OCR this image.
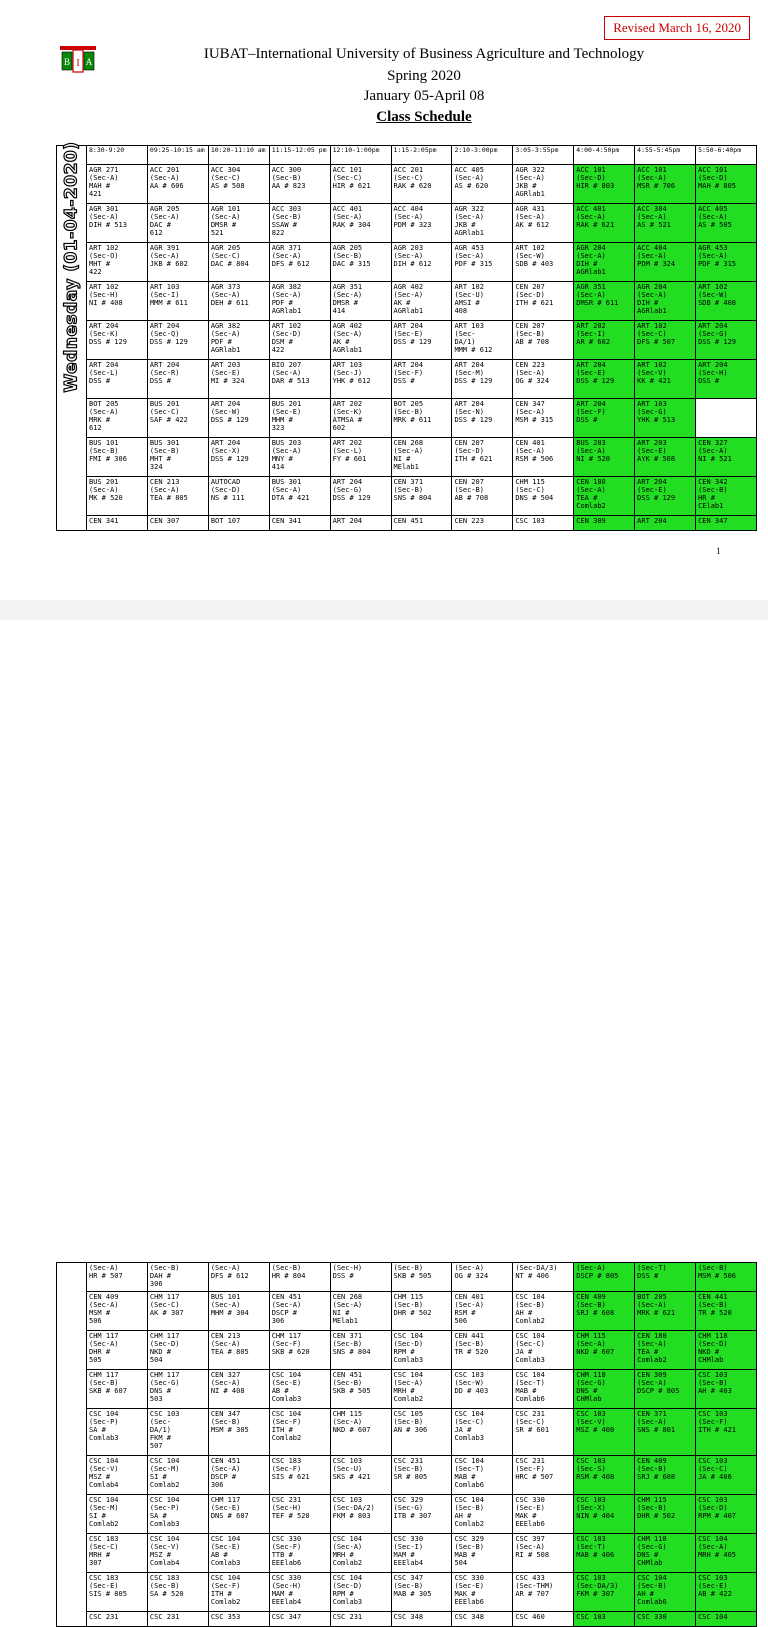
Revised March 16, 2020
B I A	IUBAT–International University of Business Agriculture and Technology
Spring 2020
January 05-April 08
Class Schedule
	8:30-9:20	09:25-10:15 am	10:20-11:10 am	11:15-12:05 pm	12:10-1:00pm	1:15-2:05pm	2:10-3:00pm	3:05-3:55pm	4:00-4:50pm	4:55-5:45pm	5:50-6:40pm
	AGR 271
(Sec-A)
MAH #
421	ACC 201
(Sec-A)
AA # 606	ACC 304
(Sec-C)
AS # 508	ACC 300
(Sec-B)
AA # 823	ACC 101
(Sec-C)
HIR # 621	ACC 201
(Sec-C)
RAK # 620	ACC 405
(Sec-A)
AS # 620	AGR 322
(Sec-A)
JKB #
AGRlab1	ACC 101
(Sec-D)
HIR # 803	ACC 101
(Sec-A)
MSR # 706	ACC 101
(Sec-D)
MAH # 805
	AGR 301
(Sec-A)
DIH # 513	AGR 205
(Sec-A)
DAC #
612	AGR 101
(Sec-A)
DMSR #
521	ACC 303
(Sec-B)
SSAW #
822	ACC 401
(Sec-A)
RAK # 304	ACC 404
(Sec-A)
PDM # 323	AGR 322
(Sec-A)
JKB #
AGRlab1	AGR 431
(Sec-A)
AK # 612	ACC 401
(Sec-A)
RAK # 621	ACC 304
(Sec-A)
AS # 521	ACC 405
(Sec-A)
AS # 505
	ART 102
(Sec-O)
MHT #
422	AGR 391
(Sec-A)
JKB # 602	AGR 205
(Sec-C)
DAC # 804	AGR 371
(Sec-A)
DFS # 612	AGR 205
(Sec-B)
DAC # 315	AGR 203
(Sec-A)
DIH # 612	AGR 453
(Sec-A)
PDF # 315	ART 102
(Sec-W)
SDB # 403	AGR 204
(Sec-A)
DIH #
AGRlab1	ACC 404
(Sec-A)
PDM # 324	AGR 453
(Sec-A)
PDF # 315
	ART 102
(Sec-H)
NI # 408	ART 103
(Sec-I)
MMM # 611	AGR 373
(Sec-A)
DEH # 611	AGR 382
(Sec-A)
PDF #
AGRlab1	AGR 351
(Sec-A)
DMSR #
414	AGR 402
(Sec-A)
AK #
AGRlab1	ART 102
(Sec-U)
AMSI #
408	CEN 207
(Sec-D)
ITH # 621	AGR 351
(Sec-A)
DMSR # 611	AGR 204
(Sec-A)
DIH #
AGRlab1	ART 102
(Sec-W)
SDB # 408
	ART 204
(Sec-K)
DSS # 129	ART 204
(Sec-Q)
DSS # 129	AGR 382
(Sec-A)
PDF #
AGRlab1	ART 102
(Sec-D)
DSM #
422	AGR 402
(Sec-A)
AK #
AGRlab1	ART 204
(Sec-E)
DSS # 129	ART 103
(Sec-
DA/1)
MMM # 612	CEN 207
(Sec-B)
AB # 708	ART 202
(Sec-I)
AR # 602	ART 102
(Sec-C)
DFS # 507	ART 204
(Sec-G)
DSS # 129
	ART 204
(Sec-L)
DSS #	ART 204
(Sec-R)
DSS #	ART 203
(Sec-E)
MI # 324	BIO 207
(Sec-A)
DAR # 513	ART 103
(Sec-J)
YHK # 612	ART 204
(Sec-F)
DSS #	ART 204
(Sec-M)
DSS # 129	CEN 223
(Sec-A)
OG # 324	ART 204
(Sec-E)
DSS # 129	ART 102
(Sec-V)
KK # 421	ART 204
(Sec-H)
DSS #
	BOT 205
(Sec-A)
MRK #
612	BUS 201
(Sec-C)
SAF # 422	ART 204
(Sec-W)
DSS # 129	BUS 201
(Sec-E)
MHM #
323	ART 202
(Sec-K)
ATMSA #
602	BOT 205
(Sec-B)
MRK # 611	ART 204
(Sec-N)
DSS # 129	CEN 347
(Sec-A)
MSM # 315	ART 204
(Sec-F)
DSS #	ART 103
(Sec-G)
YHK # 513	
	BUS 101
(Sec-B)
FMI # 306	BUS 301
(Sec-B)
MHT #
324	ART 204
(Sec-X)
DSS # 129	BUS 203
(Sec-A)
MNY #
414	ART 202
(Sec-L)
FY # 601	CEN 268
(Sec-A)
NI #
MElab1	CEN 207
(Sec-D)
ITH # 621	CEN 401
(Sec-A)
RSM # 506	BUS 203
(Sec-A)
NI # 520	ART 203
(Sec-E)
AYK # 508	CEN 327
(Sec-A)
NI # 521
	BUS 201
(Sec-A)
MK # 520	CEN 213
(Sec-A)
TEA # 805	AUTOCAD
(Sec-D)
NS # 111	BUS 301
(Sec-A)
DTA # 421	ART 204
(Sec-G)
DSS # 129	CEN 371
(Sec-B)
SNS # 804	CEN 207
(Sec-B)
AB # 708	CHM 115
(Sec-C)
DNS # 504	CEN 180
(Sec-A)
TEA #
Comlab2	ART 204
(Sec-E)
DSS # 129	CEN 342
(Sec-B)
HR #
CElab1
	CEN 341	CEN 307	BOT 107	CEN 341	ART 204	CEN 451	CEN 223	CSC 103	CEN 309	ART 204	CEN 347
Wednesday (01-04-2020)
1
	(Sec-A)
HR # 507	(Sec-B)
DAH #
306	(Sec-A)
DFS # 612	(Sec-B)
HR # 804	(Sec-H)
DSS #	(Sec-B)
SKB # 505	(Sec-A)
OG # 324	(Sec-DA/3)
NT # 406	(Sec-A)
DSCP # 805	(Sec-T)
DSS #	(Sec-B)
MSM # 506
	CEN 409
(Sec-A)
MSM #
506	CHM 117
(Sec-C)
AK # 307	BUS 101
(Sec-A)
MHM # 304	CEN 451
(Sec-A)
DSCP #
306	CEN 268
(Sec-A)
NI #
MElab1	CHM 115
(Sec-B)
DHR # 502	CEN 401
(Sec-A)
RSM #
506	CSC 104
(Sec-B)
AH #
Comlab2	CEN 409
(Sec-B)
SRJ # 608	BOT 205
(Sec-A)
MRK # 621	CEN 441
(Sec-B)
TR # 520
	CHM 117
(Sec-A)
DHR #
505	CHM 117
(Sec-D)
NKD #
504	CEN 213
(Sec-A)
TEA # 805	CHM 117
(Sec-F)
SKB # 620	CEN 371
(Sec-B)
SNS # 804	CSC 104
(Sec-D)
RPM #
Comlab3	CEN 441
(Sec-B)
TR # 520	CSC 104
(Sec-C)
JA #
Comlab3	CHM 115
(Sec-A)
NKD # 607	CEN 180
(Sec-A)
TEA #
Comlab2	CHM 118
(Sec-D)
NKD #
CHMlab
	CHM 117
(Sec-B)
SKB # 607	CHM 117
(Sec-G)
DNS #
503	CEN 327
(Sec-A)
NI # 408	CSC 104
(Sec-E)
AB #
Comlab3	CEN 451
(Sec-B)
SKB # 505	CSC 104
(Sec-A)
MRH #
Comlab2	CSC 103
(Sec-W)
DD # 403	CSC 104
(Sec-T)
MAB #
Comlab6	CHM 118
(Sec-G)
DNS #
CHMlab	CEN 309
(Sec-A)
DSCP # 805	CSC 103
(Sec-B)
AH # 403
	CSC 104
(Sec-P)
SA #
Comlab3	CSC 103
(Sec-
DA/1)
FKM #
507	CEN 347
(Sec-B)
MSM # 305	CSC 104
(Sec-F)
ITH #
Comlab2	CHM 115
(Sec-A)
NKD # 607	CSC 105
(Sec-B)
AN # 306	CSC 104
(Sec-C)
JA #
Comlab3	CSC 231
(Sec-C)
SR # 601	CSC 103
(Sec-V)
MSZ # 408	CEN 371
(Sec-A)
SNS # 801	CSC 103
(Sec-F)
ITH # 421
	CSC 104
(Sec-V)
MSZ #
Comlab4	CSC 104
(Sec-M)
SI #
Comlab2	CEN 451
(Sec-A)
DSCP #
306	CSC 183
(Sec-F)
SIS # 621	CSC 103
(Sec-U)
SKS # 421	CSC 231
(Sec-B)
SR # 805	CSC 104
(Sec-T)
MAB #
Comlab6	CSC 231
(Sec-F)
HRC # 507	CSC 103
(Sec-S)
RSM # 408	CEN 409
(Sec-B)
SRJ # 608	CSC 103
(Sec-C)
JA # 406
	CSC 104
(Sec-M)
SI #
Comlab2	CSC 104
(Sec-P)
SA #
Comlab3	CHM 117
(Sec-E)
DNS # 607	CSC 231
(Sec-H)
TEF # 520	CSC 103
(Sec-DA/2)
FKM # 803	CSC 329
(Sec-G)
ITB # 307	CSC 104
(Sec-B)
AH #
Comlab2	CSC 330
(Sec-E)
MAK #
EEElab6	CSC 103
(Sec-X)
NIN # 404	CHM 115
(Sec-B)
DHR # 502	CSC 103
(Sec-D)
RPM # 407
	CSC 183
(Sec-C)
MRH #
307	CSC 104
(Sec-V)
MSZ #
Comlab4	CSC 104
(Sec-E)
AB #
Comlab3	CSC 330
(Sec-F)
TTB #
EEElab6	CSC 104
(Sec-A)
MRH #
Comlab2	CSC 330
(Sec-I)
MAM #
EEElab4	CSC 329
(Sec-B)
MAB #
504	CSC 397
(Sec-A)
RI # 508	CSC 103
(Sec-T)
MAB # 406	CHM 118
(Sec-G)
DNS #
CHMlab	CSC 104
(Sec-A)
MRH # 405
	CSC 183
(Sec-E)
SIS # 805	CSC 183
(Sec-B)
SA # 520	CSC 104
(Sec-F)
ITH #
Comlab2	CSC 330
(Sec-H)
MAM #
EEElab4	CSC 104
(Sec-D)
RPM #
Comlab3	CSC 347
(Sec-B)
MAB # 305	CSC 330
(Sec-E)
MAK #
EEElab6	CSC 433
(Sec-THM)
AR # 707	CSC 103
(Sec-DA/3)
FKM # 307	CSC 104
(Sec-B)
AH #
Comlab6	CSC 103
(Sec-E)
AB # 422
	CSC 231	CSC 231	CSC 353	CSC 347	CSC 231	CSC 348	CSC 348	CSC 460	CSC 103	CSC 330	CSC 104
